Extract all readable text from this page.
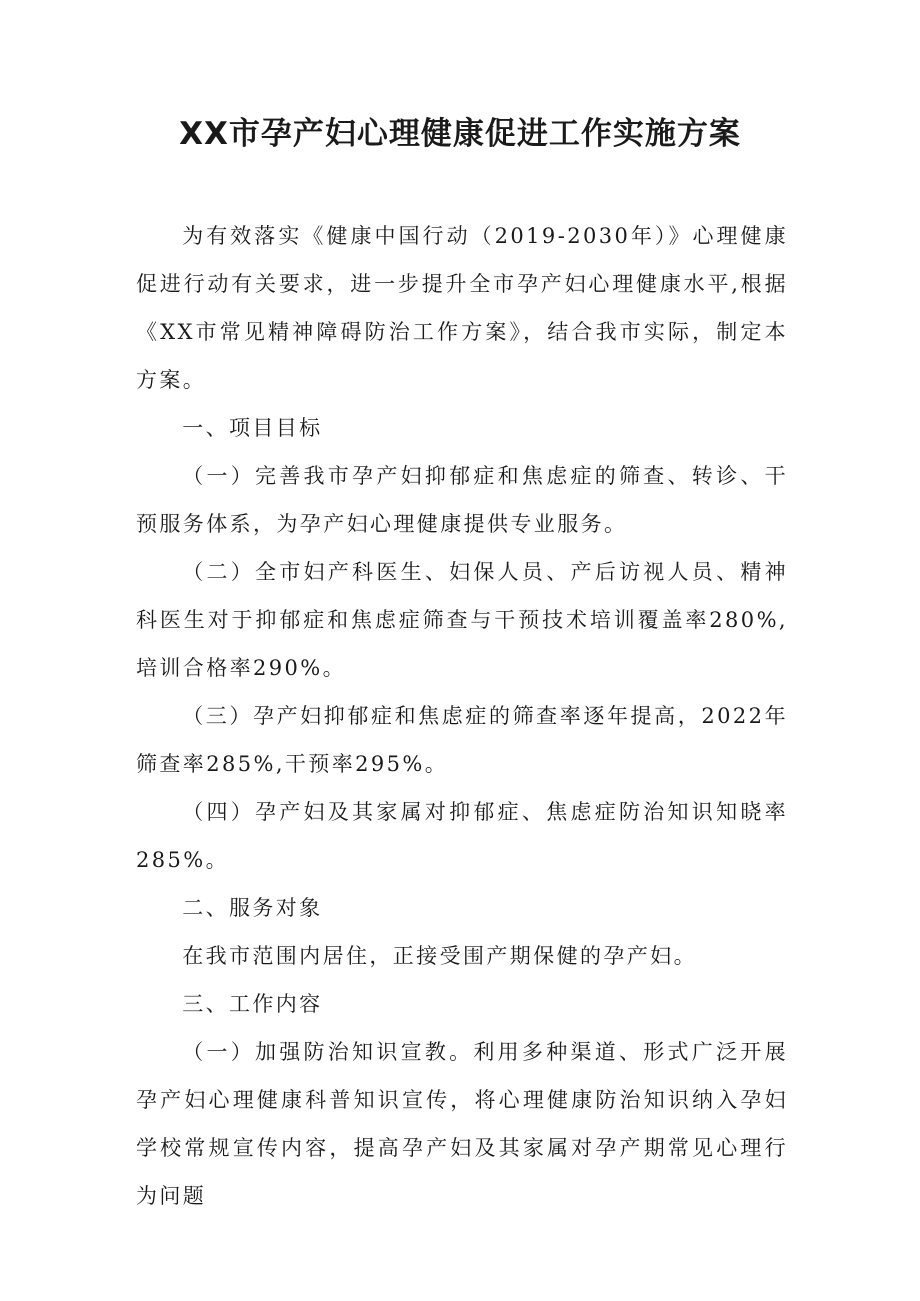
XX市孕产妇心理健康促进工作实施方案

为有效落实《健康中国行动（2019-2030年）》心理健康促进行动有关要求，进一步提升全市孕产妇心理健康水平,根据《XX市常见精神障碍防治工作方案》，结合我市实际，制定本方案。

一、项目目标

（一）完善我市孕产妇抑郁症和焦虑症的筛查、转诊、干预服务体系，为孕产妇心理健康提供专业服务。

（二）全市妇产科医生、妇保人员、产后访视人员、精神科医生对于抑郁症和焦虑症筛查与干预技术培训覆盖率280%,培训合格率290%。

（三）孕产妇抑郁症和焦虑症的筛查率逐年提高，2022年筛查率285%,干预率295%。

（四）孕产妇及其家属对抑郁症、焦虑症防治知识知晓率285%。

二、服务对象

在我市范围内居住，正接受围产期保健的孕产妇。

三、工作内容

（一）加强防治知识宣教。利用多种渠道、形式广泛开展孕产妇心理健康科普知识宣传，将心理健康防治知识纳入孕妇学校常规宣传内容，提高孕产妇及其家属对孕产期常见心理行为问题
